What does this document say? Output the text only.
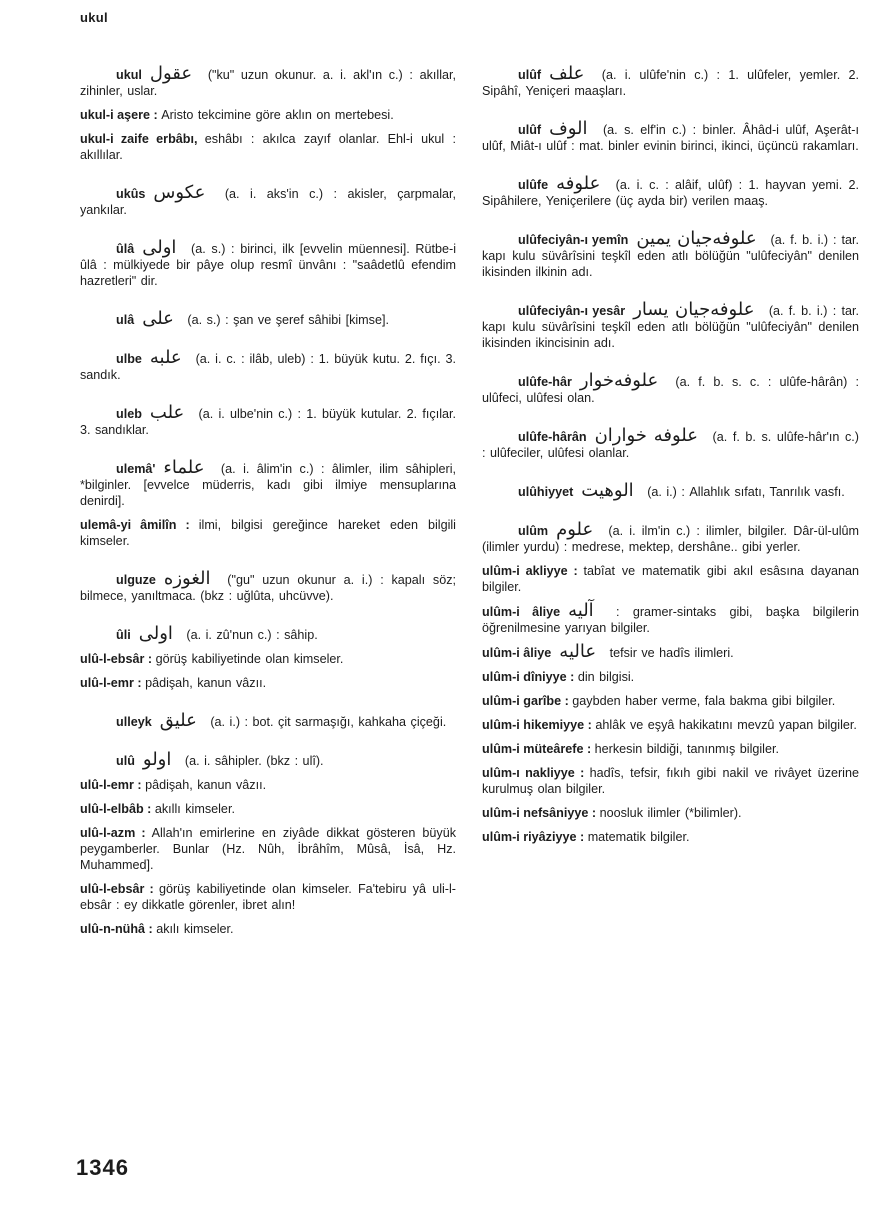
ukul
ukul عقول ("ku" uzun okunur. a. i. akl'ın c.) : akıllar, zihinler, uslar.
ukul-i aşere : Aristo tekcimine göre aklın on mertebesi.
ukul-i zaife erbâbı, eshâbı : akılca zayıf olanlar. Ehl-i ukul : akıllılar.
ukûs عكوس (a. i. aks'in c.) : akisler, çarpmalar, yankılar.
ûlâ اولى (a. s.) : birinci, ilk [evvelin müennesi]. Rütbe-i ûlâ : mülkiyede bir pâye olup resmî ünvânı : "saâdetlû efendim hazretleri" dir.
ulâ علی (a. s.) : şan ve şeref sâhibi [kimse].
ulbe علبه (a. i. c. : ilâb, uleb) : 1. büyük kutu. 2. fıçı. 3. sandık.
uleb علب (a. i. ulbe'nin c.) : 1. büyük kutular. 2. fıçılar. 3. sandıklar.
ulemâ' علماء (a. i. âlim'in c.) : âlimler, ilim sâhipleri, *bilginler. [evvelce müderris, kadı gibi ilmiye mensuplarına denirdi].
ulemâ-yi âmilîn : ilmi, bilgisi gereğince hareket eden bilgili kimseler.
ulguze الغوزه ("gu" uzun okunur a. i.) : kapalı söz; bilmece, yanıltmaca. (bkz : uğlûta, uhcüvve).
ûli اولى (a. i. zû'nun c.) : sâhip.
ulû-l-ebsâr : görüş kabiliyetinde olan kimseler.
ulû-l-emr : pâdişah, kanun vâzıı.
ulleyk علیق (a. i.) : bot. çit sarmaşığı, kahkaha çiçeği.
ulû اولو (a. i. sâhipler. (bkz : ulî).
ulû-l-emr : pâdişah, kanun vâzıı.
ulû-l-elbâb : akıllı kimseler.
ulû-l-azm : Allah'ın emirlerine en ziyâde dikkat gösteren büyük peygamberler. Bunlar (Hz. Nûh, İbrâhîm, Mûsâ, İsâ, Hz. Muhammed].
ulû-l-ebsâr : görüş kabiliyetinde olan kimseler. Fa'tebiru yâ uli-l-ebsâr : ey dikkatle görenler, ibret alın!
ulû-n-nühâ : akılı kimseler.
ulûf علف (a. i. ulûfe'nin c.) : 1. ulûfeler, yemler. 2. Sipâhî, Yeniçeri maaşları.
ulûf الوف (a. s. elf'in c.) : binler. Âhâd-i ulûf, Aşerât-ı ulûf, Miât-ı ulûf : mat. binler evinin birinci, ikinci, üçüncü rakamları.
ulûfe علوفه (a. i. c. : alâif, ulûf) : 1. hayvan yemi. 2. Sipâhilere, Yeniçerilere (üç ayda bir) verilen maaş.
ulûfeciyân-ı yemîn علوفه‌جیان یمین (a. f. b. i.) : tar. kapı kulu süvârîsini teşkîl eden atlı bölüğün "ulûfeciyân" denilen ikisinden ilkinin adı.
ulûfeciyân-ı yesâr علوفه‌جیان یسار (a. f. b. i.) : tar. kapı kulu süvârîsini teşkîl eden atlı bölüğün "ulûfeciyân" denilen ikisinden ikincisinin adı.
ulûfe-hâr علوفه‌خوار (a. f. b. s. c. : ulûfe-hârân) : ulûfeci, ulûfesi olan.
ulûfe-hârân علوفه خواران (a. f. b. s. ulûfe-hâr'ın c.) : ulûfeciler, ulûfesi olanlar.
ulûhiyyet الوهیت (a. i.) : Allahlık sıfatı, Tanrılık vasfı.
ulûm علوم (a. i. ilm'in c.) : ilimler, bilgiler. Dâr-ül-ulûm (ilimler yurdu) : medrese, mektep, dershâne.. gibi yerler.
ulûm-i akliyye : tabîat ve matematik gibi akıl esâsına dayanan bilgiler.
ulûm-i âliye آلیه : gramer-sintaks gibi, başka bilgilerin öğrenilmesine yarıyan bilgiler.
ulûm-i âliye عالیه tefsir ve hadîs ilimleri.
ulûm-i dîniyye : din bilgisi.
ulûm-i garîbe : gaybden haber verme, fala bakma gibi bilgiler.
ulûm-i hikemiyye : ahlâk ve eşyâ hakikatını mevzû yapan bilgiler.
ulûm-i müteârefe : herkesin bildiği, tanınmış bilgiler.
ulûm-ı nakliyye : hadîs, tefsir, fıkıh gibi nakil ve rivâyet üzerine kurulmuş olan bilgiler.
ulûm-i nefsâniyye : noosluk ilimler (*bilimler).
ulûm-i riyâziyye : matematik bilgiler.
1346
